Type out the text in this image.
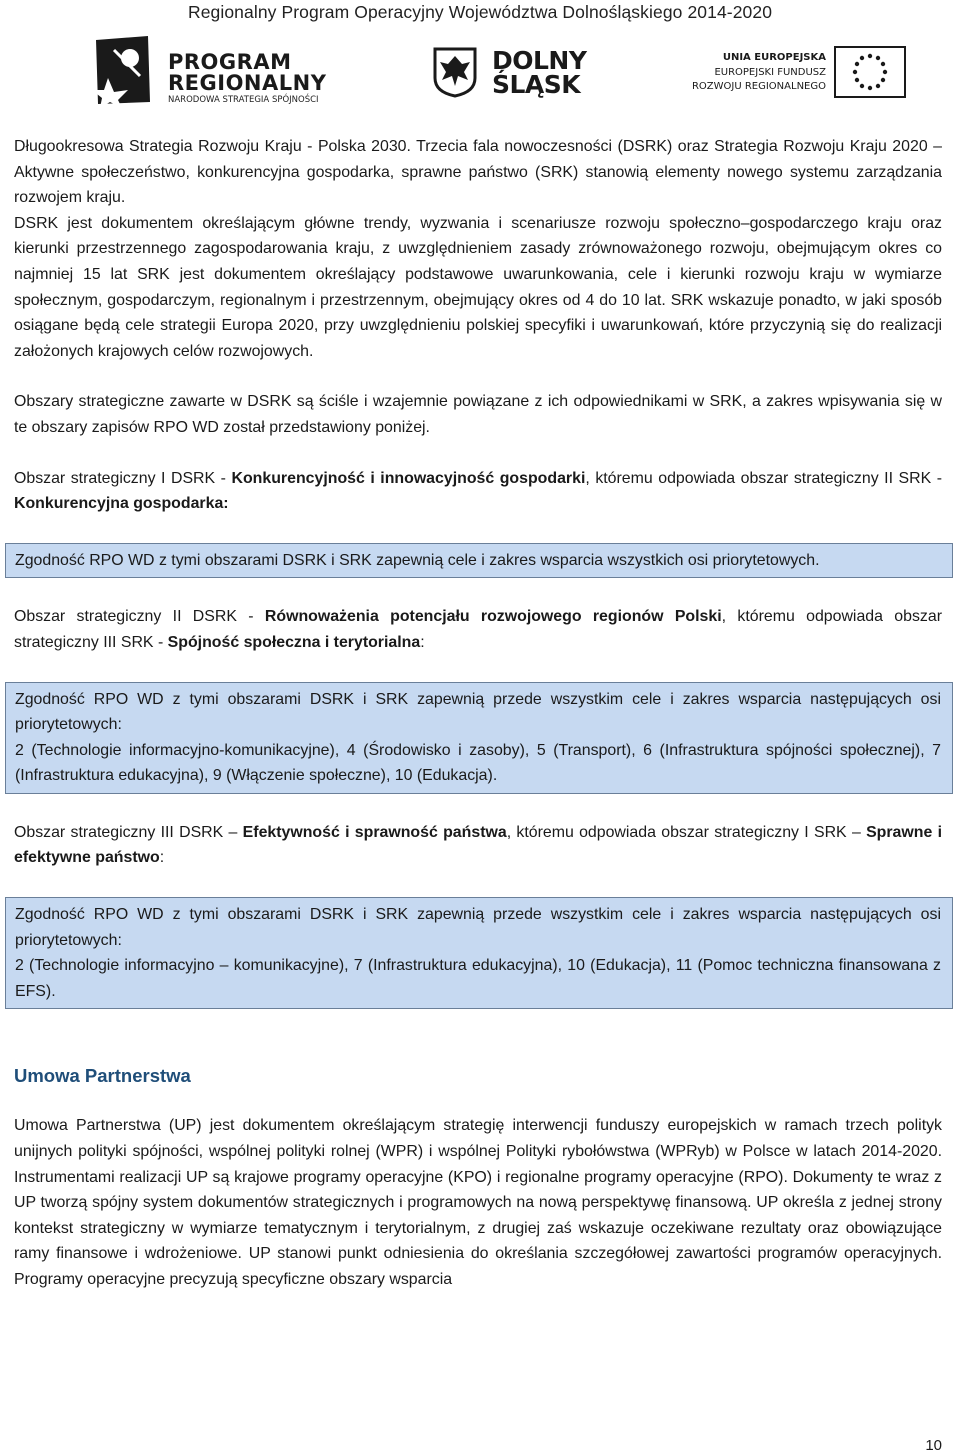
Regionalny Program Operacyjny Województwa Dolnośląskiego 2014-2020
PROGRAM
REGIONALNY
NARODOWA STRATEGIA SPÓJNOŚCI
DOLNY
ŚLĄSK
UNIA EUROPEJSKA
EUROPEJSKI FUNDUSZ
ROZWOJU REGIONALNEGO

Długookresowa Strategia Rozwoju Kraju - Polska 2030. Trzecia fala nowoczesności (DSRK) oraz Strategia Rozwoju Kraju 2020 – Aktywne społeczeństwo, konkurencyjna gospodarka, sprawne państwo (SRK) stanowią elementy nowego systemu zarządzania rozwojem kraju.

DSRK jest dokumentem określającym główne trendy, wyzwania i scenariusze rozwoju społeczno–gospodarczego kraju oraz kierunki przestrzennego zagospodarowania kraju, z uwzględnieniem zasady zrównoważonego rozwoju, obejmującym okres co najmniej 15 lat SRK jest dokumentem określający podstawowe uwarunkowania, cele i kierunki rozwoju kraju w wymiarze społecznym, gospodarczym, regionalnym i przestrzennym, obejmujący okres od 4 do 10 lat. SRK wskazuje ponadto, w jaki sposób osiągane będą cele strategii Europa 2020, przy uwzględnieniu polskiej specyfiki i uwarunkowań, które przyczynią się do realizacji założonych krajowych celów rozwojowych.

Obszary strategiczne zawarte w DSRK są ściśle i wzajemnie powiązane z ich odpowiednikami w SRK, a zakres wpisywania się w te obszary zapisów RPO WD został przedstawiony poniżej.

Obszar strategiczny I DSRK - Konkurencyjność i innowacyjność gospodarki, któremu odpowiada obszar strategiczny II SRK - Konkurencyjna gospodarka:

Zgodność RPO WD z tymi obszarami DSRK i SRK zapewnią cele i zakres wsparcia wszystkich osi priorytetowych.

Obszar strategiczny II DSRK - Równoważenia potencjału rozwojowego regionów Polski, któremu odpowiada obszar strategiczny III SRK - Spójność społeczna i terytorialna:

Zgodność RPO WD z tymi obszarami DSRK i SRK zapewnią przede wszystkim cele i zakres wsparcia następujących osi priorytetowych:

2 (Technologie informacyjno-komunikacyjne), 4 (Środowisko i zasoby), 5 (Transport), 6 (Infrastruktura spójności społecznej), 7 (Infrastruktura edukacyjna), 9 (Włączenie społeczne), 10 (Edukacja).

Obszar strategiczny III DSRK – Efektywność i sprawność państwa, któremu odpowiada obszar strategiczny I SRK – Sprawne i efektywne państwo:

Zgodność RPO WD z tymi obszarami DSRK i SRK zapewnią przede wszystkim cele i zakres wsparcia następujących osi priorytetowych:

2 (Technologie informacyjno – komunikacyjne), 7 (Infrastruktura edukacyjna), 10 (Edukacja), 11 (Pomoc techniczna finansowana z EFS).

Umowa Partnerstwa

Umowa Partnerstwa (UP) jest dokumentem określającym strategię interwencji funduszy europejskich w ramach trzech polityk unijnych polityki spójności, wspólnej polityki rolnej (WPR) i wspólnej Polityki rybołówstwa (WPRyb) w Polsce w latach 2014-2020. Instrumentami realizacji UP są krajowe programy operacyjne (KPO) i regionalne programy operacyjne (RPO). Dokumenty te wraz z UP tworzą spójny system dokumentów strategicznych i programowych na nową perspektywę finansową. UP określa z jednej strony kontekst strategiczny w wymiarze tematycznym i terytorialnym, z drugiej zaś wskazuje oczekiwane rezultaty oraz obowiązujące ramy finansowe i wdrożeniowe. UP stanowi punkt odniesienia do określania szczegółowej zawartości programów operacyjnych. Programy operacyjne precyzują specyficzne obszary wsparcia

10
